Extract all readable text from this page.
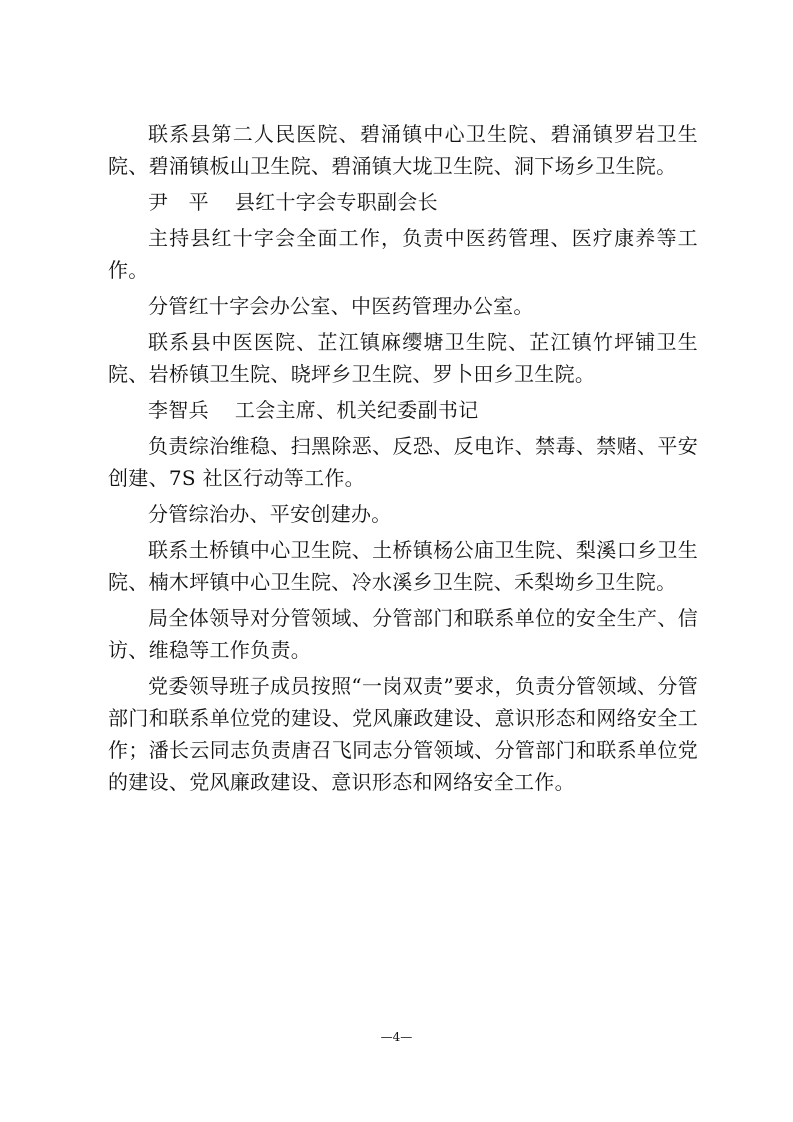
联系县第二人民医院、碧涌镇中心卫生院、碧涌镇罗岩卫生院、碧涌镇板山卫生院、碧涌镇大垅卫生院、洞下场乡卫生院。

尹　平 县红十字会专职副会长

主持县红十字会全面工作，负责中医药管理、医疗康养等工作。

分管红十字会办公室、中医药管理办公室。

联系县中医医院、芷江镇麻缨塘卫生院、芷江镇竹坪铺卫生院、岩桥镇卫生院、晓坪乡卫生院、罗卜田乡卫生院。

李智兵 工会主席、机关纪委副书记

负责综治维稳、扫黑除恶、反恐、反电诈、禁毒、禁赌、平安创建、7S 社区行动等工作。

分管综治办、平安创建办。

联系土桥镇中心卫生院、土桥镇杨公庙卫生院、梨溪口乡卫生院、楠木坪镇中心卫生院、冷水溪乡卫生院、禾梨坳乡卫生院。

局全体领导对分管领域、分管部门和联系单位的安全生产、信访、维稳等工作负责。

党委领导班子成员按照“一岗双责”要求，负责分管领域、分管部门和联系单位党的建设、党风廉政建设、意识形态和网络安全工作；潘长云同志负责唐召飞同志分管领域、分管部门和联系单位党的建设、党风廉政建设、意识形态和网络安全工作。

—4—
